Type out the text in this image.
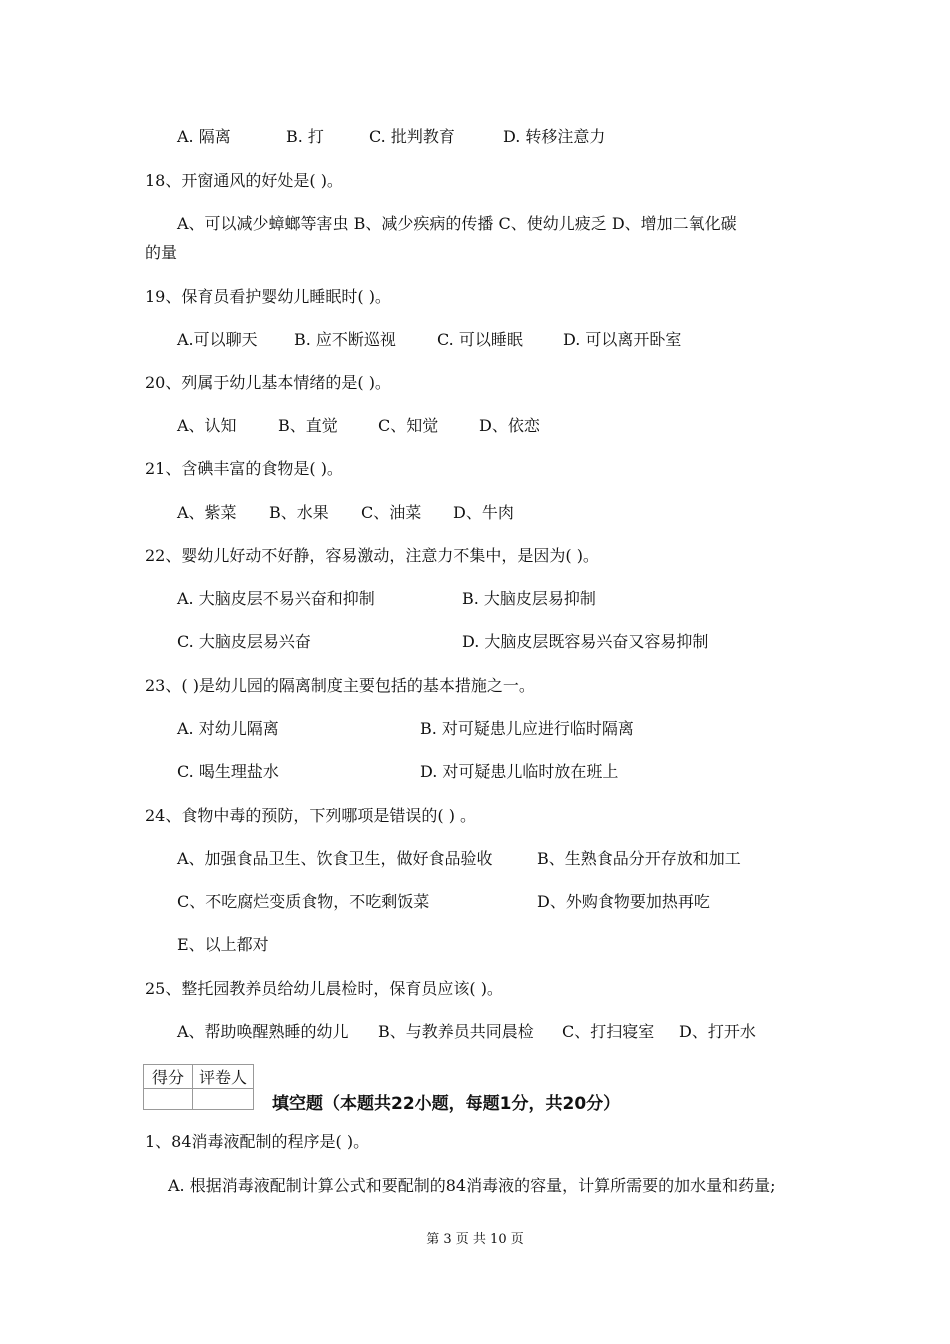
A. 隔离	B. 打	C. 批判教育	D. 转移注意力
18、开窗通风的好处是( )。
A、可以减少蟑螂等害虫 B、减少疾病的传播 C、使幼儿疲乏 D、增加二氧化碳
的量
19、保育员看护婴幼儿睡眠时( )。
A.可以聊天 B. 应不断巡视	C. 可以睡眠	D. 可以离开卧室
20、列属于幼儿基本情绪的是( )。
A、认知	B、直觉	C、知觉	D、依恋
21、含碘丰富的食物是( )。
A、紫菜 B、水果 C、油菜 D、牛肉
22、婴幼儿好动不好静，容易激动，注意力不集中，是因为( )。
A. 大脑皮层不易兴奋和抑制	B. 大脑皮层易抑制
C. 大脑皮层易兴奋	D. 大脑皮层既容易兴奋又容易抑制
23、( )是幼儿园的隔离制度主要包括的基本措施之一。
A. 对幼儿隔离	B. 对可疑患儿应进行临时隔离
C. 喝生理盐水	D. 对可疑患儿临时放在班上
24、食物中毒的预防，下列哪项是错误的( ) 。
A、加强食品卫生、饮食卫生，做好食品验收	B、生熟食品分开存放和加工
C、不吃腐烂变质食物，不吃剩饭菜	D、外购食物要加热再吃
E、以上都对
25、整托园教养员给幼儿晨检时，保育员应该( )。
A、帮助唤醒熟睡的幼儿 B、与教养员共同晨检 C、打扫寝室 D、打开水
得分	评卷人

填空题（本题共22小题，每题1分，共20分）
1、84消毒液配制的程序是( )。
A. 根据消毒液配制计算公式和要配制的84消毒液的容量，计算所需要的加水量和药量;
第 3 页 共 10 页
